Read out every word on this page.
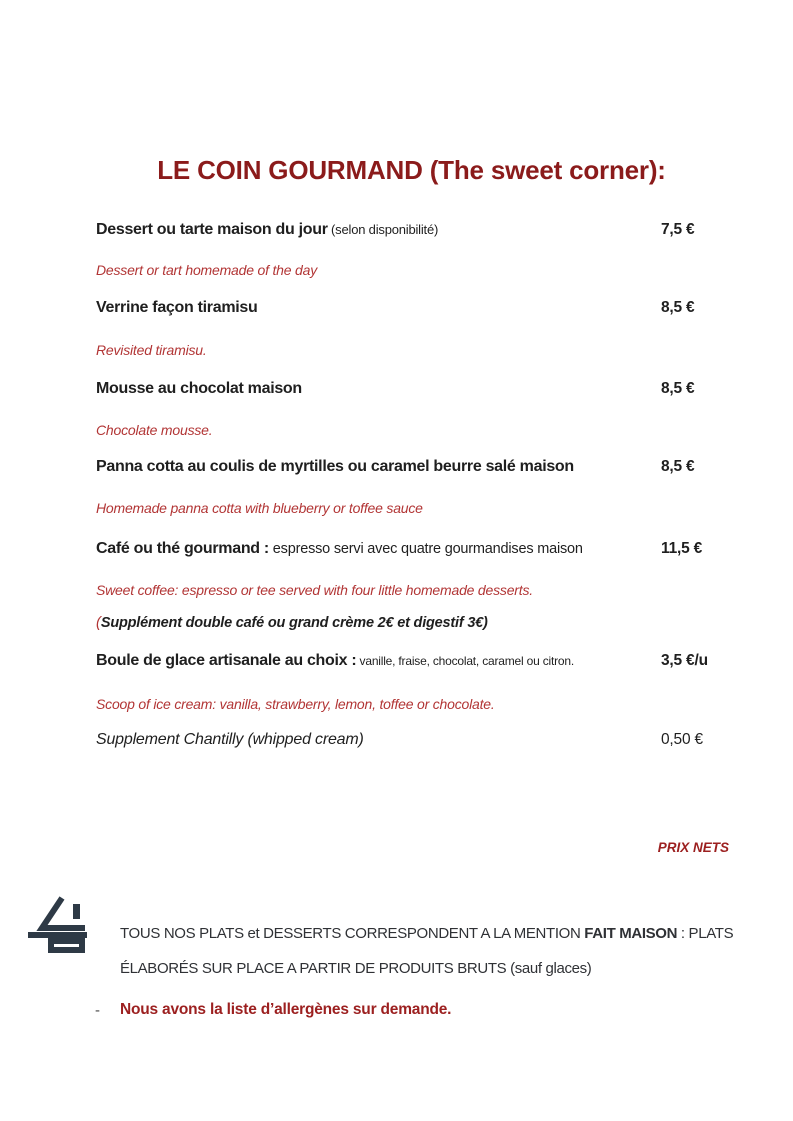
LE COIN GOURMAND (The sweet corner):
Dessert ou tarte maison du jour (selon disponibilité)	7,5 €
Dessert or tart homemade of the day
Verrine façon tiramisu	8,5 €
Revisited tiramisu.
Mousse au chocolat maison	8,5 €
Chocolate mousse.
Panna cotta au coulis de myrtilles ou caramel beurre salé maison	8,5 €
Homemade panna cotta with blueberry or toffee sauce
Café ou thé gourmand : espresso servi avec quatre gourmandises maison	11,5 €
Sweet coffee: espresso or tee served with four little homemade desserts.
(Supplément double café ou grand crème 2€ et digestif 3€)
Boule de glace artisanale au choix : vanille, fraise, chocolat, caramel ou citron.	3,5 €/u
Scoop of ice cream: vanilla, strawberry, lemon, toffee or chocolate.
Supplement Chantilly (whipped cream)	0,50 €
PRIX NETS
TOUS NOS PLATS et DESSERTS CORRESPONDENT A LA MENTION FAIT MAISON : PLATS
ÉLABORÉS SUR PLACE A PARTIR DE PRODUITS BRUTS (sauf glaces)
- Nous avons la liste d’allergènes sur demande.
